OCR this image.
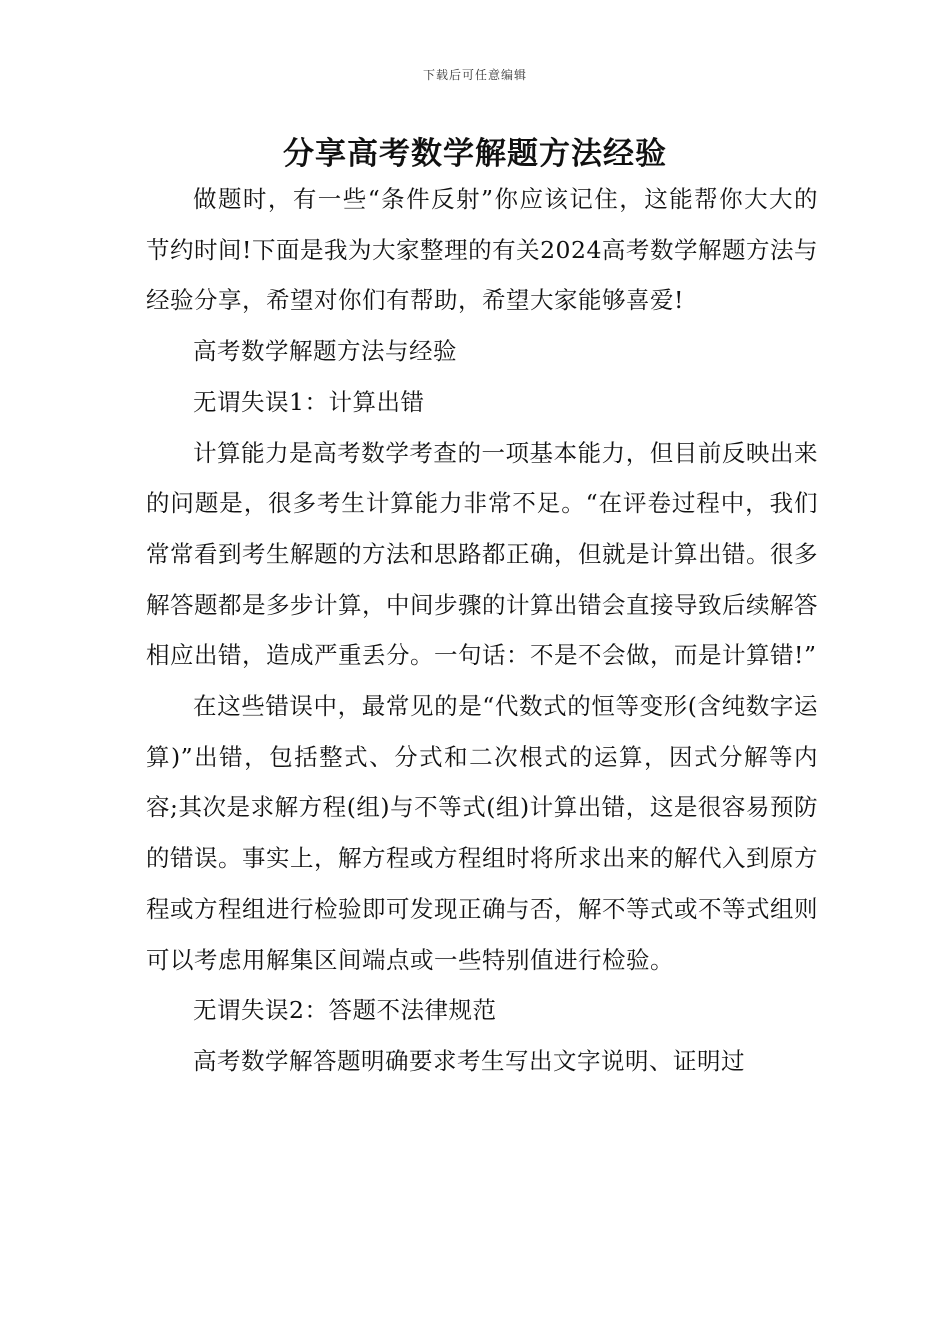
下载后可任意编辑
分享高考数学解题方法经验

做题时，有一些“条件反射”你应该记住，这能帮你大大的节约时间!下面是我为大家整理的有关2024高考数学解题方法与经验分享，希望对你们有帮助，希望大家能够喜爱!

高考数学解题方法与经验

无谓失误1：计算出错

计算能力是高考数学考查的一项基本能力，但目前反映出来的问题是，很多考生计算能力非常不足。“在评卷过程中，我们常常看到考生解题的方法和思路都正确，但就是计算出错。很多解答题都是多步计算，中间步骤的计算出错会直接导致后续解答相应出错，造成严重丢分。一句话：不是不会做，而是计算错!”

在这些错误中，最常见的是“代数式的恒等变形(含纯数字运算)”出错，包括整式、分式和二次根式的运算，因式分解等内容;其次是求解方程(组)与不等式(组)计算出错，这是很容易预防的错误。事实上，解方程或方程组时将所求出来的解代入到原方程或方程组进行检验即可发现正确与否，解不等式或不等式组则可以考虑用解集区间端点或一些特别值进行检验。

无谓失误2：答题不法律规范

高考数学解答题明确要求考生写出文字说明、证明过
